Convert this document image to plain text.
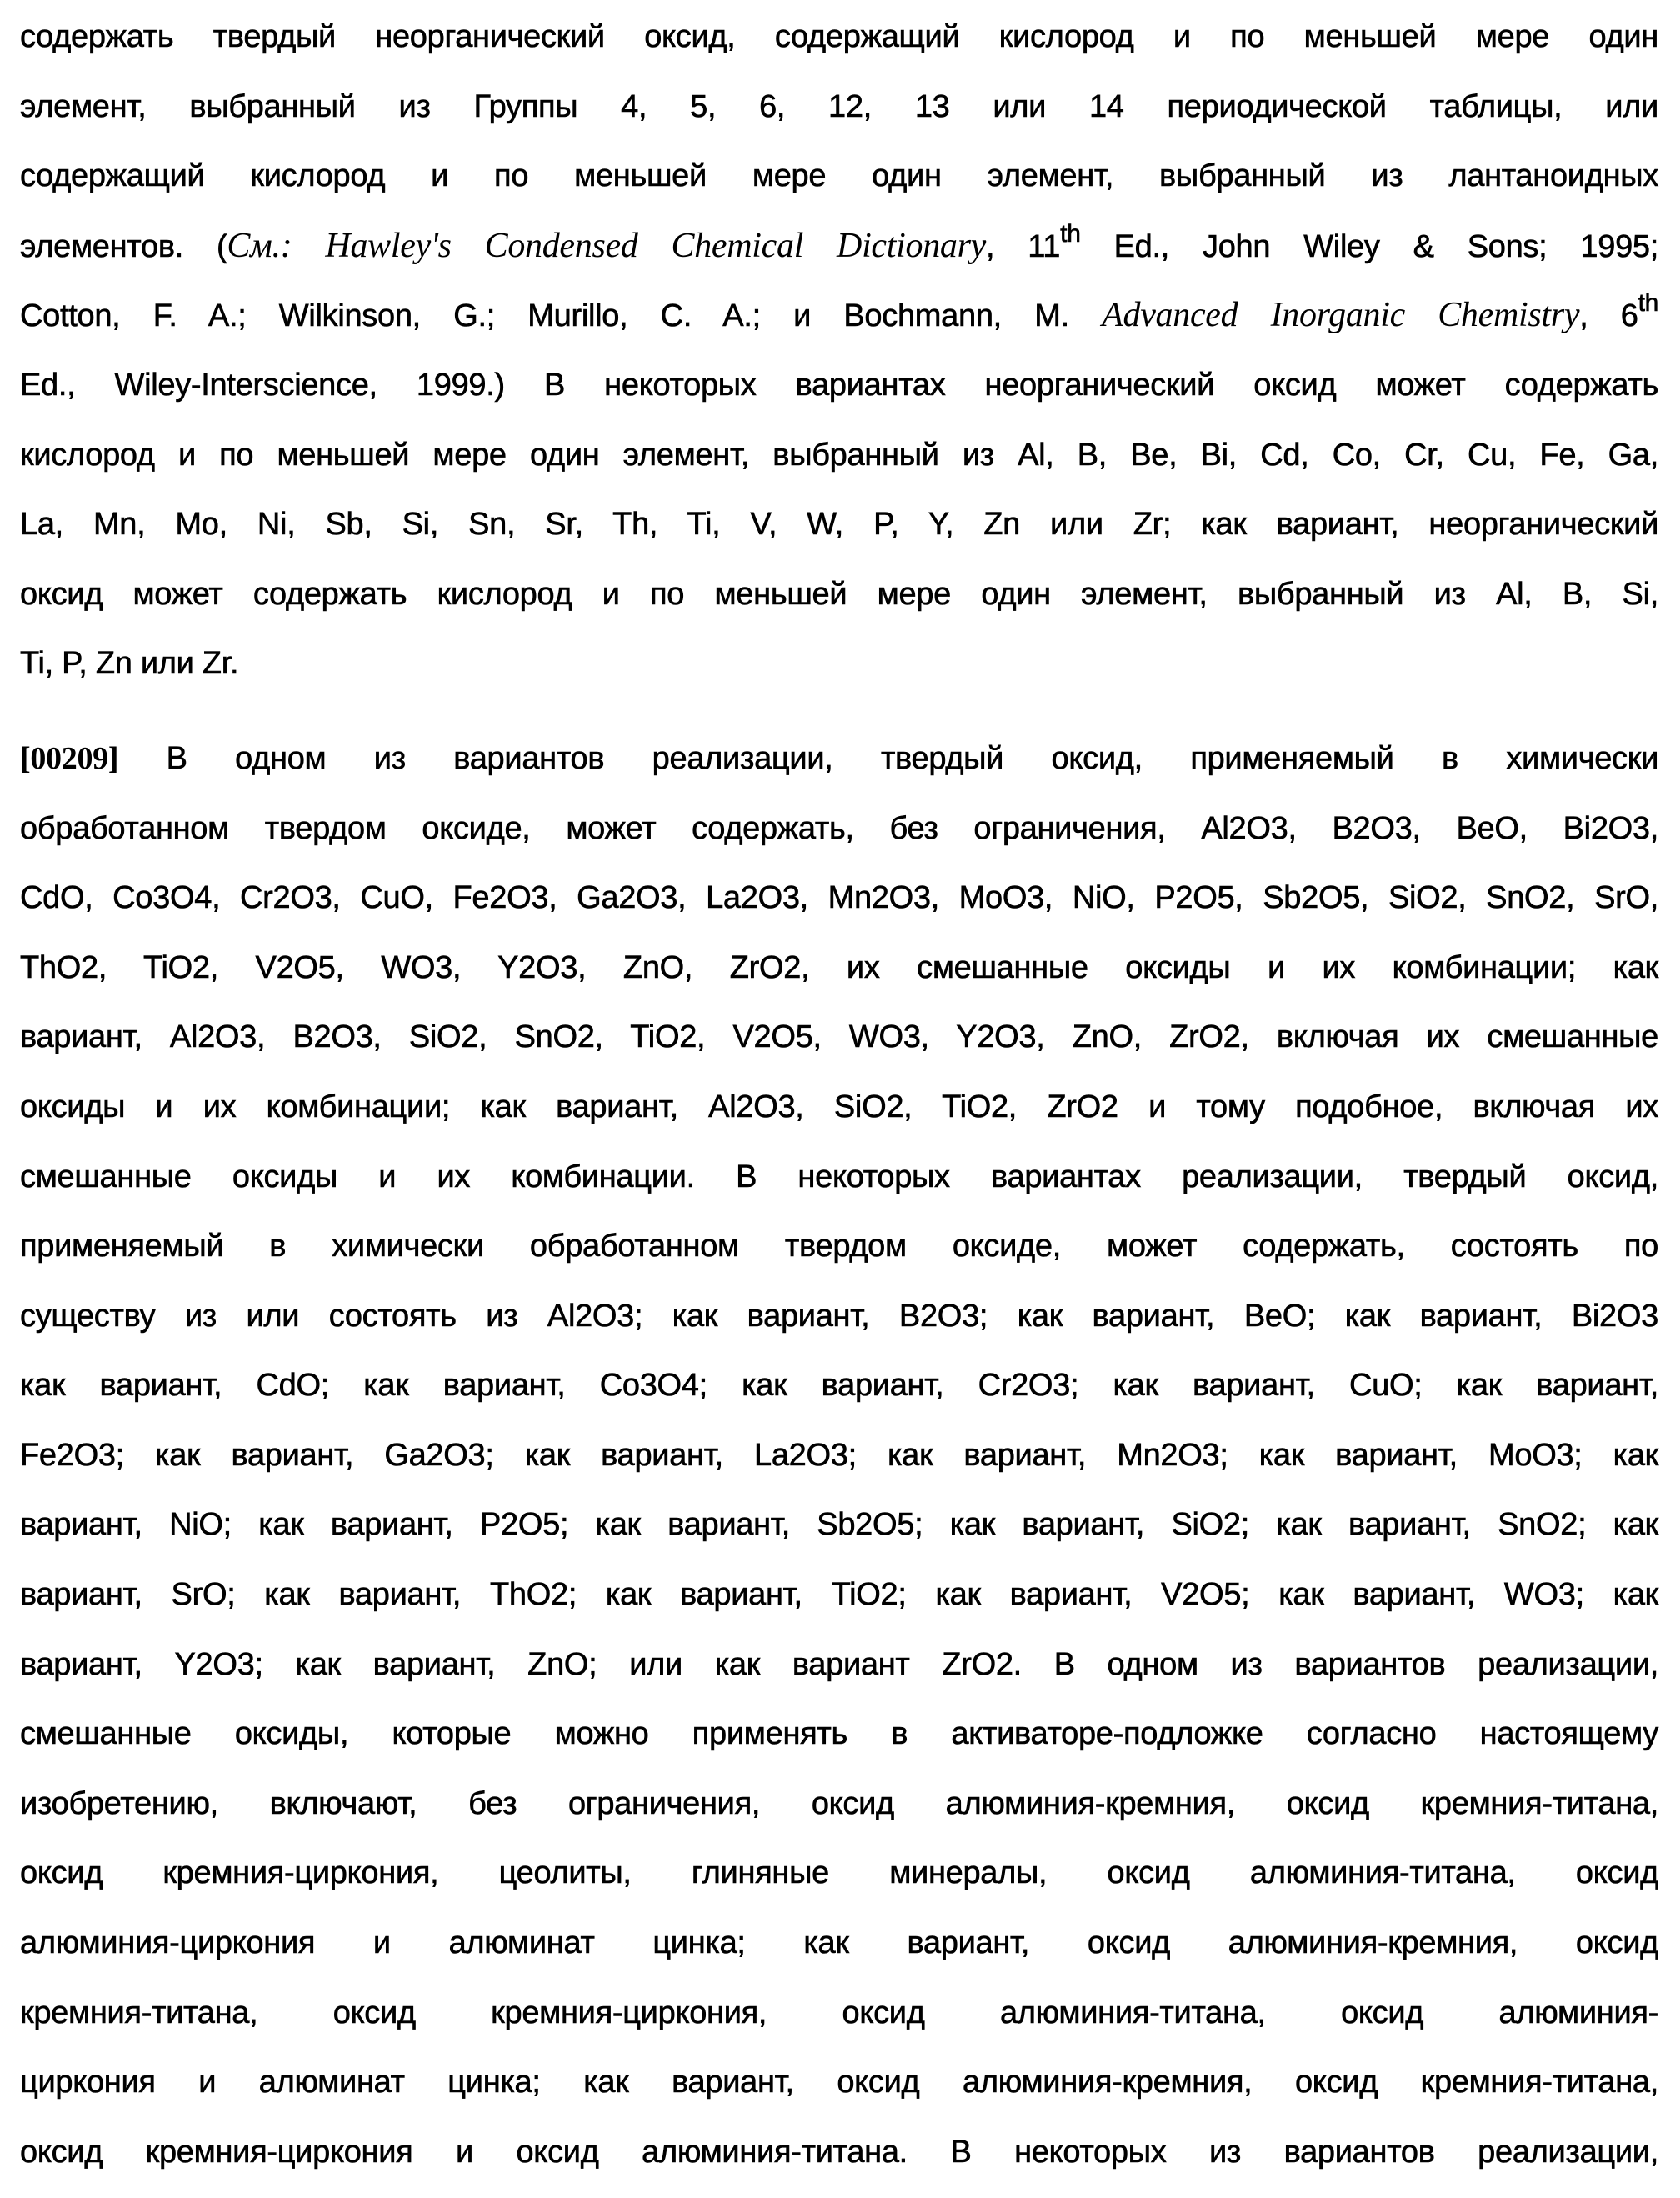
содержать твердый неорганический оксид, содержащий кислород и по меньшей мере один
элемент, выбранный из Группы 4, 5, 6, 12, 13 или 14 периодической таблицы, или
содержащий кислород и по меньшей мере один элемент, выбранный из лантаноидных
элементов. (См.: Hawley's Condensed Chemical Dictionary, 11th Ed., John Wiley & Sons; 1995;
Cotton, F. A.; Wilkinson, G.; Murillo, C. A.; и Bochmann, M. Advanced Inorganic Chemistry, 6th
Ed., Wiley-Interscience, 1999.) В некоторых вариантах неорганический оксид может содержать
кислород и по меньшей мере один элемент, выбранный из Al, B, Be, Bi, Cd, Co, Cr, Cu, Fe, Ga,
La, Mn, Mo, Ni, Sb, Si, Sn, Sr, Th, Ti, V, W, P, Y, Zn или Zr; как вариант, неорганический
оксид может содержать кислород и по меньшей мере один элемент, выбранный из Al, B, Si,
Ti, P, Zn или Zr.
[00209] В одном из вариантов реализации, твердый оксид, применяемый в химически
обработанном твердом оксиде, может содержать, без ограничения, Al2O3, B2O3, BeO, Bi2O3,
CdO, Co3O4, Cr2O3, CuO, Fe2O3, Ga2O3, La2O3, Mn2O3, MoO3, NiO, P2O5, Sb2O5, SiO2, SnO2, SrO,
ThO2, TiO2, V2O5, WO3, Y2O3, ZnO, ZrO2, их смешанные оксиды и их комбинации; как
вариант, Al2O3, B2O3, SiO2, SnO2, TiO2, V2O5, WO3, Y2O3, ZnO, ZrO2, включая их смешанные
оксиды и их комбинации; как вариант, Al2O3, SiO2, TiO2, ZrO2 и тому подобное, включая их
смешанные оксиды и их комбинации. В некоторых вариантах реализации, твердый оксид,
применяемый в химически обработанном твердом оксиде, может содержать, состоять по
существу из или состоять из Al2O3; как вариант, B2O3; как вариант, BeO; как вариант, Bi2O3
как вариант, CdO; как вариант, Co3O4; как вариант, Cr2O3; как вариант, CuO; как вариант,
Fe2O3; как вариант, Ga2O3; как вариант, La2O3; как вариант, Mn2O3; как вариант, MoO3; как
вариант, NiO; как вариант, P2O5; как вариант, Sb2O5; как вариант, SiO2; как вариант, SnO2; как
вариант, SrO; как вариант, ThO2; как вариант, TiO2; как вариант, V2O5; как вариант, WO3; как
вариант, Y2O3; как вариант, ZnO; или как вариант ZrO2. В одном из вариантов реализации,
смешанные оксиды, которые можно применять в активаторе-подложке согласно настоящему
изобретению, включают, без ограничения, оксид алюминия-кремния, оксид кремния-титана,
оксид кремния-циркония, цеолиты, глиняные минералы, оксид алюминия-титана, оксид
алюминия-циркония и алюминат цинка; как вариант, оксид алюминия-кремния, оксид
кремния-титана, оксид кремния-циркония, оксид алюминия-титана, оксид алюминия-
циркония и алюминат цинка; как вариант, оксид алюминия-кремния, оксид кремния-титана,
оксид кремния-циркония и оксид алюминия-титана. В некоторых из вариантов реализации,
